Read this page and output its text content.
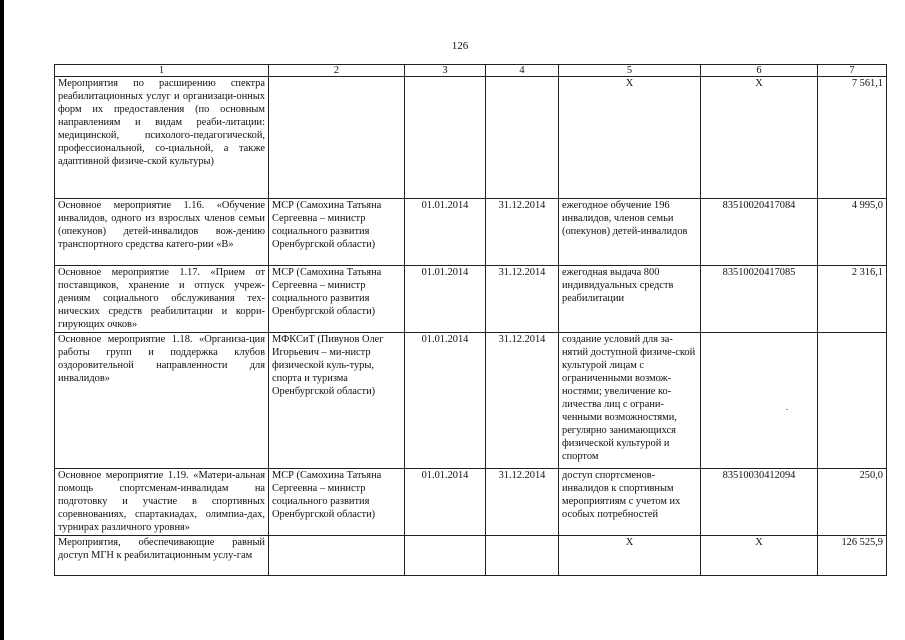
126
1	2	3	4	5	6	7
Мероприятия по расширению спектра реабилитационных услуг и организаци-онных форм их предоставления (по основным направлениям и видам реаби-литации: медицинской, психолого-педагогической, профессиональной, со-циальной, а также адаптивной физиче-ской культуры)				X	X	7 561,1
Основное мероприятие 1.16. «Обучение инвалидов, одного из взрослых членов семьи (опекунов) детей-инвалидов вож-дению транспортного средства катего-рии «В»	МСР (Самохина Татьяна Сергеевна – министр социального развития Оренбургской области)	01.01.2014	31.12.2014	ежегодное обучение 196 инвалидов, членов семьи (опекунов) детей-инвалидов	83510020417084	4 995,0
Основное мероприятие 1.17. «Прием от поставщиков, хранение и отпуск учреж-дениям социального обслуживания тех-нических средств реабилитации и корри-гирующих очков»	МСР (Самохина Татьяна Сергеевна – министр социального развития Оренбургской области)	01.01.2014	31.12.2014	ежегодная выдача 800 индивидуальных средств реабилитации	83510020417085	2 316,1
Основное мероприятие 1.18. «Организа-ция работы групп и поддержка клубов оздоровительной направленности для инвалидов»	МФКСиТ (Пивунов Олег Игорьевич – ми-нистр физической куль-туры, спорта и туризма Оренбургской области)	01.01.2014	31.12.2014	создание условий для за-нятий доступной физиче-ской культурой лицам с ограниченными возмож-ностями; увеличение ко-личества лиц с ограни-ченными возможностями, регулярно занимающихся физической культурой и спортом		
Основное мероприятие 1.19. «Матери-альная помощь спортсменам-инвалидам на подготовку и участие в спортивных соревнованиях, спартакиадах, олимпиа-дах, турнирах различного уровня»	МСР (Самохина Татьяна Сергеевна – министр социального развития Оренбургской области)	01.01.2014	31.12.2014	доступ спортсменов-инвалидов к спортивным мероприятиям с учетом их особых потребностей	83510030412094	250,0
Мероприятия, обеспечивающие равный доступ МГН к реабилитационным услу-гам				X	X	126 525,9
